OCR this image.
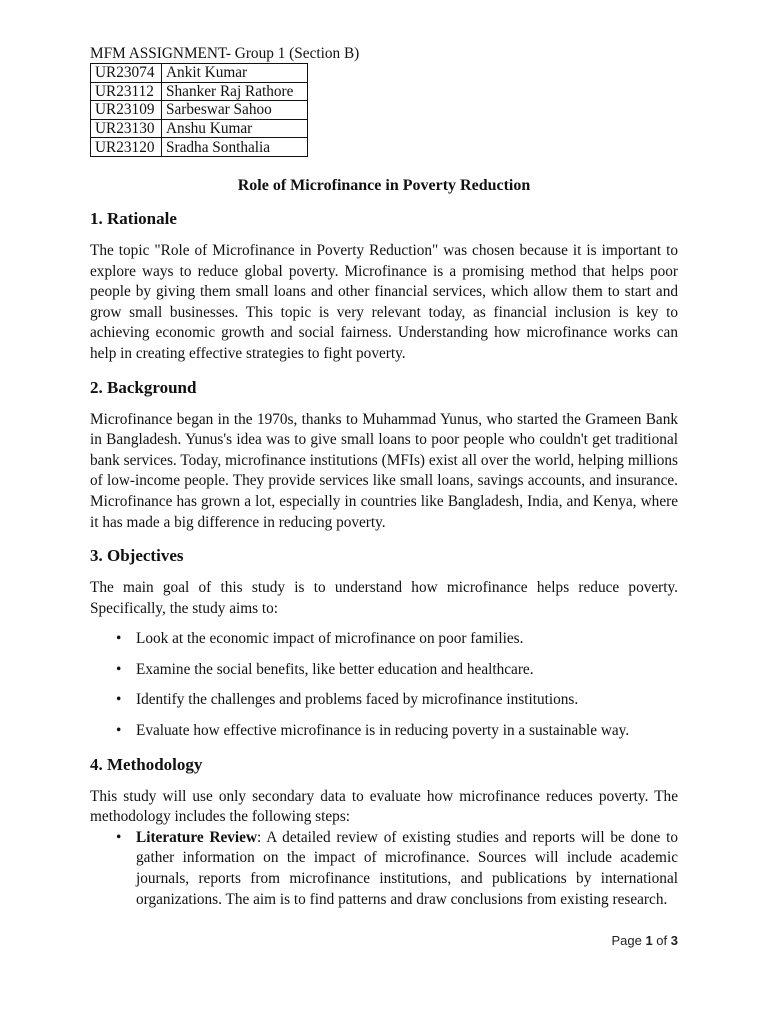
MFM ASSIGNMENT- Group 1 (Section B)
UR23074	Ankit Kumar
UR23112	Shanker Raj Rathore
UR23109	Sarbeswar Sahoo
UR23130	Anshu Kumar
UR23120	Sradha Sonthalia
Role of Microfinance in Poverty Reduction
1. Rationale

The topic "Role of Microfinance in Poverty Reduction" was chosen because it is important to explore ways to reduce global poverty. Microfinance is a promising method that helps poor people by giving them small loans and other financial services, which allow them to start and grow small businesses. This topic is very relevant today, as financial inclusion is key to achieving economic growth and social fairness. Understanding how microfinance works can help in creating effective strategies to fight poverty.

2. Background

Microfinance began in the 1970s, thanks to Muhammad Yunus, who started the Grameen Bank in Bangladesh. Yunus's idea was to give small loans to poor people who couldn't get traditional bank services. Today, microfinance institutions (MFIs) exist all over the world, helping millions of low-income people. They provide services like small loans, savings accounts, and insurance. Microfinance has grown a lot, especially in countries like Bangladesh, India, and Kenya, where it has made a big difference in reducing poverty.

3. Objectives

The main goal of this study is to understand how microfinance helps reduce poverty. Specifically, the study aims to:

• Look at the economic impact of microfinance on poor families.
• Examine the social benefits, like better education and healthcare.
• Identify the challenges and problems faced by microfinance institutions.
• Evaluate how effective microfinance is in reducing poverty in a sustainable way.
4. Methodology

This study will use only secondary data to evaluate how microfinance reduces poverty. The methodology includes the following steps:

• Literature Review: A detailed review of existing studies and reports will be done to gather information on the impact of microfinance. Sources will include academic journals, reports from microfinance institutions, and publications by international organizations. The aim is to find patterns and draw conclusions from existing research.
Page 1 of 3
